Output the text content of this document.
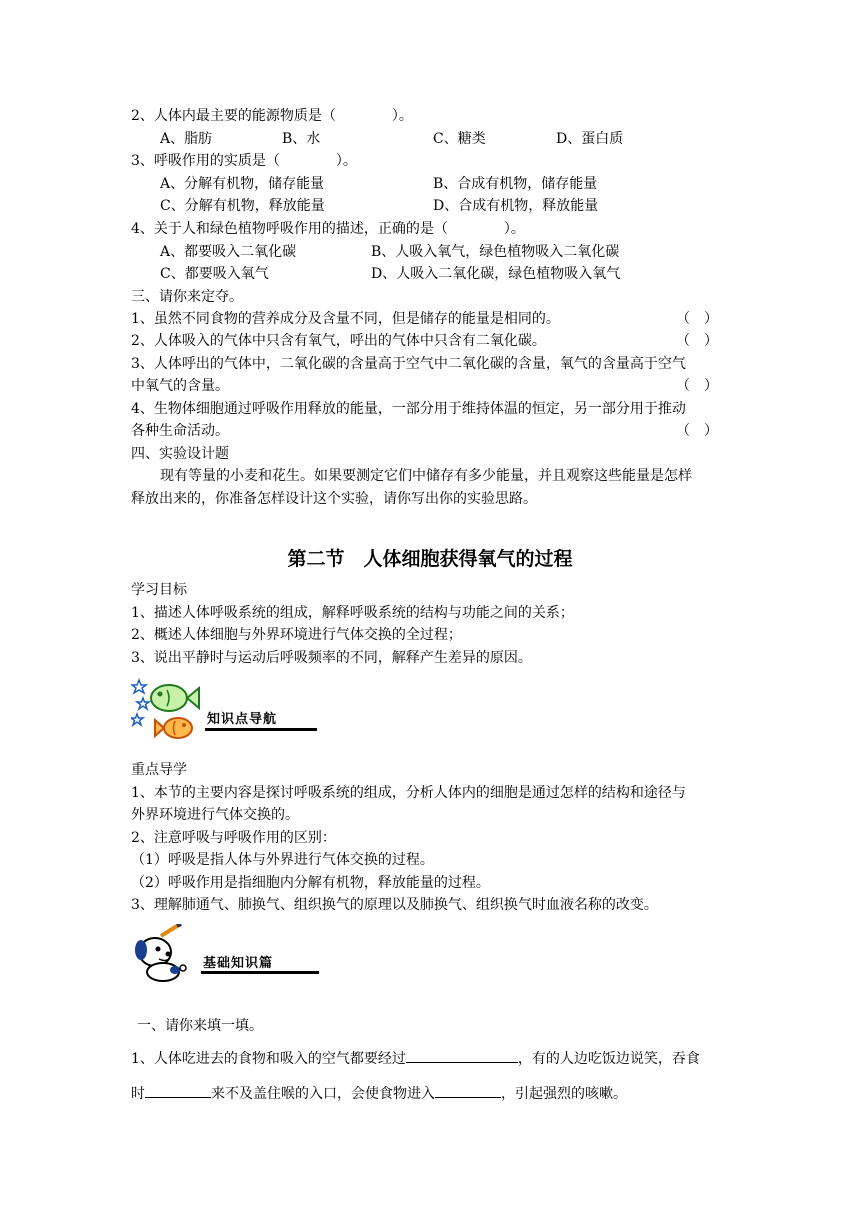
2、人体内最主要的能源物质是（　　　　）。
A、脂肪	B、水	C、糖类	D、蛋白质
3、呼吸作用的实质是（　　　　）。
A、分解有机物，储存能量	B、合成有机物，储存能量
C、分解有机物，释放能量	D、合成有机物，释放能量
4、关于人和绿色植物呼吸作用的描述，正确的是（　　　　）。
A、都要吸入二氧化碳	B、人吸入氧气，绿色植物吸入二氧化碳
C、都要吸入氧气	D、人吸入二氧化碳，绿色植物吸入氧气
三、请你来定夺。
1、虽然不同食物的营养成分及含量不同，但是储存的能量是相同的。	（　）
2、人体吸入的气体中只含有氧气，呼出的气体中只含有二氧化碳。	（　）
3、人体呼出的气体中，二氧化碳的含量高于空气中二氧化碳的含量，氧气的含量高于空气
中氧气的含量。	（　）
4、生物体细胞通过呼吸作用释放的能量，一部分用于维持体温的恒定，另一部分用于推动
各种生命活动。	（　）
四、实验设计题
现有等量的小麦和花生。如果要测定它们中储存有多少能量，并且观察这些能量是怎样
释放出来的，你准备怎样设计这个实验，请你写出你的实验思路。
第二节　人体细胞获得氧气的过程
学习目标
1、描述人体呼吸系统的组成，解释呼吸系统的结构与功能之间的关系；
2、概述人体细胞与外界环境进行气体交换的全过程；
3、说出平静时与运动后呼吸频率的不同，解释产生差异的原因。
知识点导航
重点导学
1、本节的主要内容是探讨呼吸系统的组成，分析人体内的细胞是通过怎样的结构和途径与
外界环境进行气体交换的。
2、注意呼吸与呼吸作用的区别：
（1）呼吸是指人体与外界进行气体交换的过程。
（2）呼吸作用是指细胞内分解有机物，释放能量的过程。
3、理解肺通气、肺换气、组织换气的原理以及肺换气、组织换气时血液名称的改变。
基础知识篇
一、请你来填一填。
1、人体吃进去的食物和吸入的空气都要经过	，有的人边吃饭边说笑，吞食
时	来不及盖住喉的入口，会使食物进入	，引起强烈的咳嗽。
